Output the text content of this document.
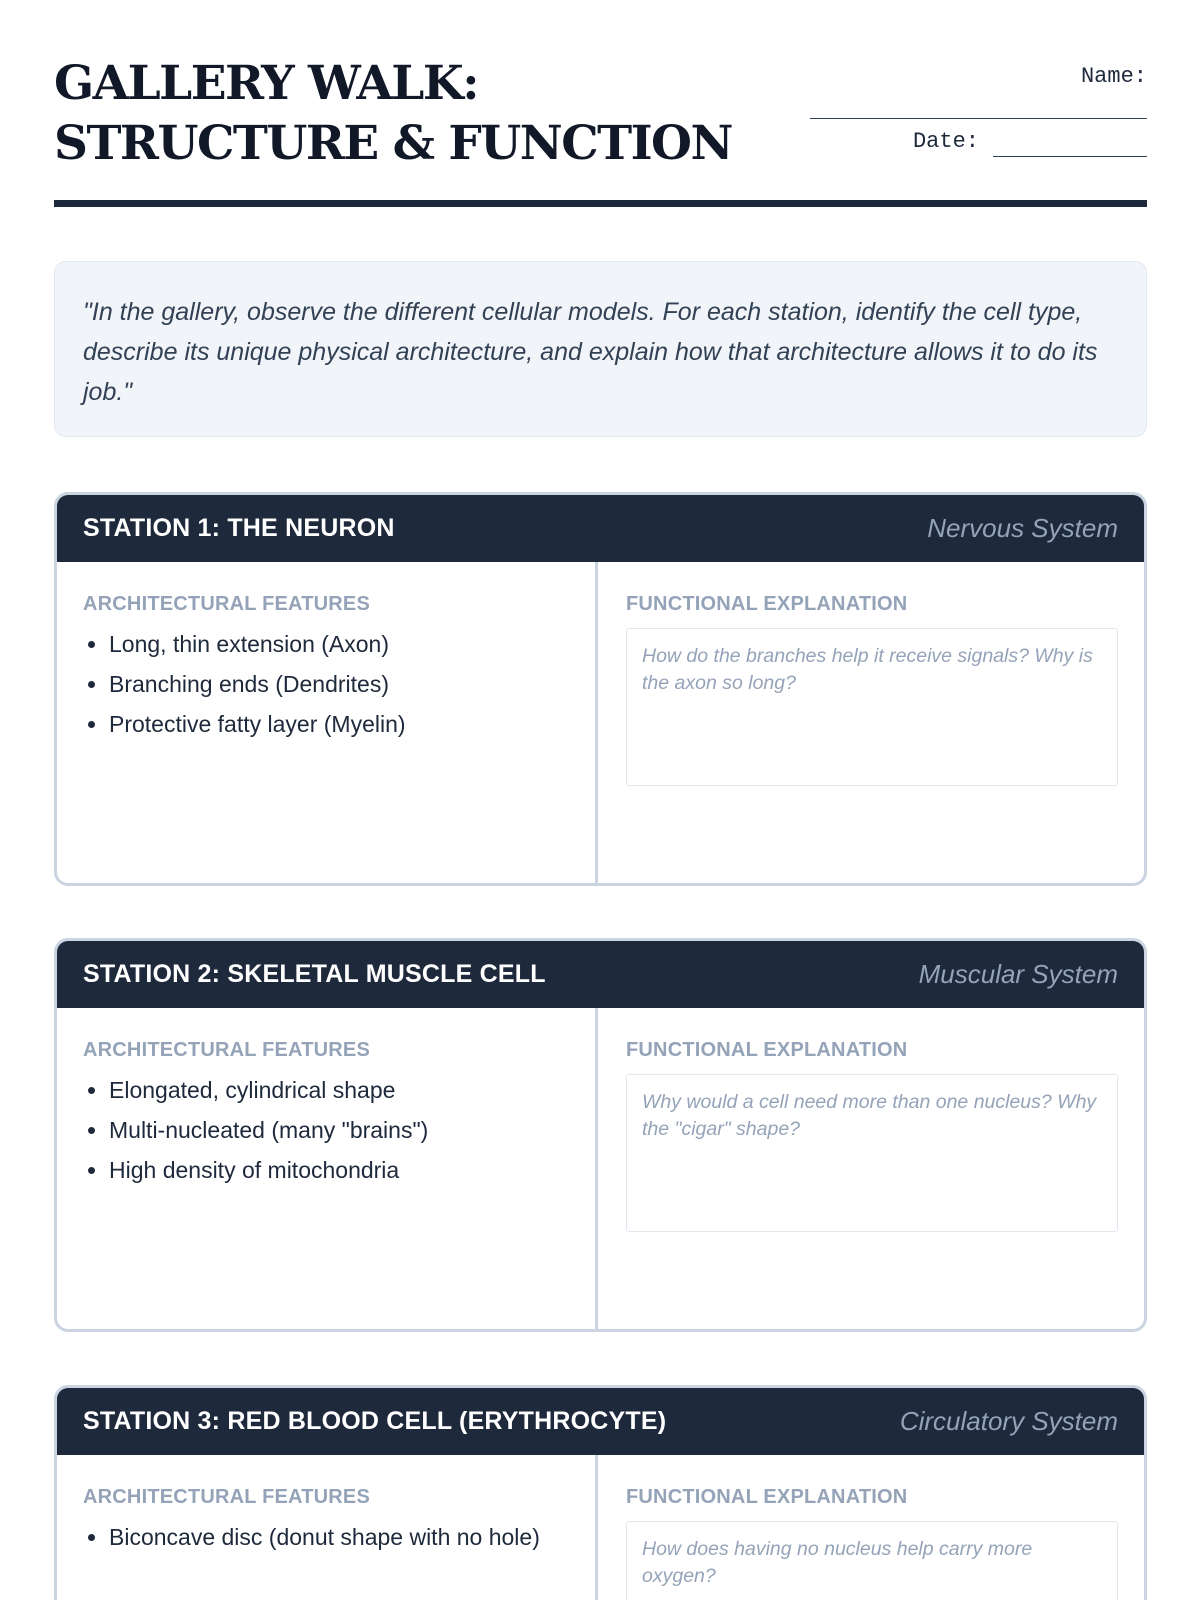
GALLERY WALK: STRUCTURE & FUNCTION
Name:
Date:
"In the gallery, observe the different cellular models. For each station, identify the cell type, describe its unique physical architecture, and explain how that architecture allows it to do its job."
STATION 1: THE NEURON	Nervous System
ARCHITECTURAL FEATURES
• Long, thin extension (Axon)
• Branching ends (Dendrites)
• Protective fatty layer (Myelin)
FUNCTIONAL EXPLANATION
How do the branches help it receive signals? Why is the axon so long?
STATION 2: SKELETAL MUSCLE CELL	Muscular System
ARCHITECTURAL FEATURES
• Elongated, cylindrical shape
• Multi-nucleated (many "brains")
• High density of mitochondria
FUNCTIONAL EXPLANATION
Why would a cell need more than one nucleus? Why the "cigar" shape?
STATION 3: RED BLOOD CELL (ERYTHROCYTE)	Circulatory System
ARCHITECTURAL FEATURES
• Biconcave disc (donut shape with no hole)
FUNCTIONAL EXPLANATION
How does having no nucleus help carry more oxygen?
